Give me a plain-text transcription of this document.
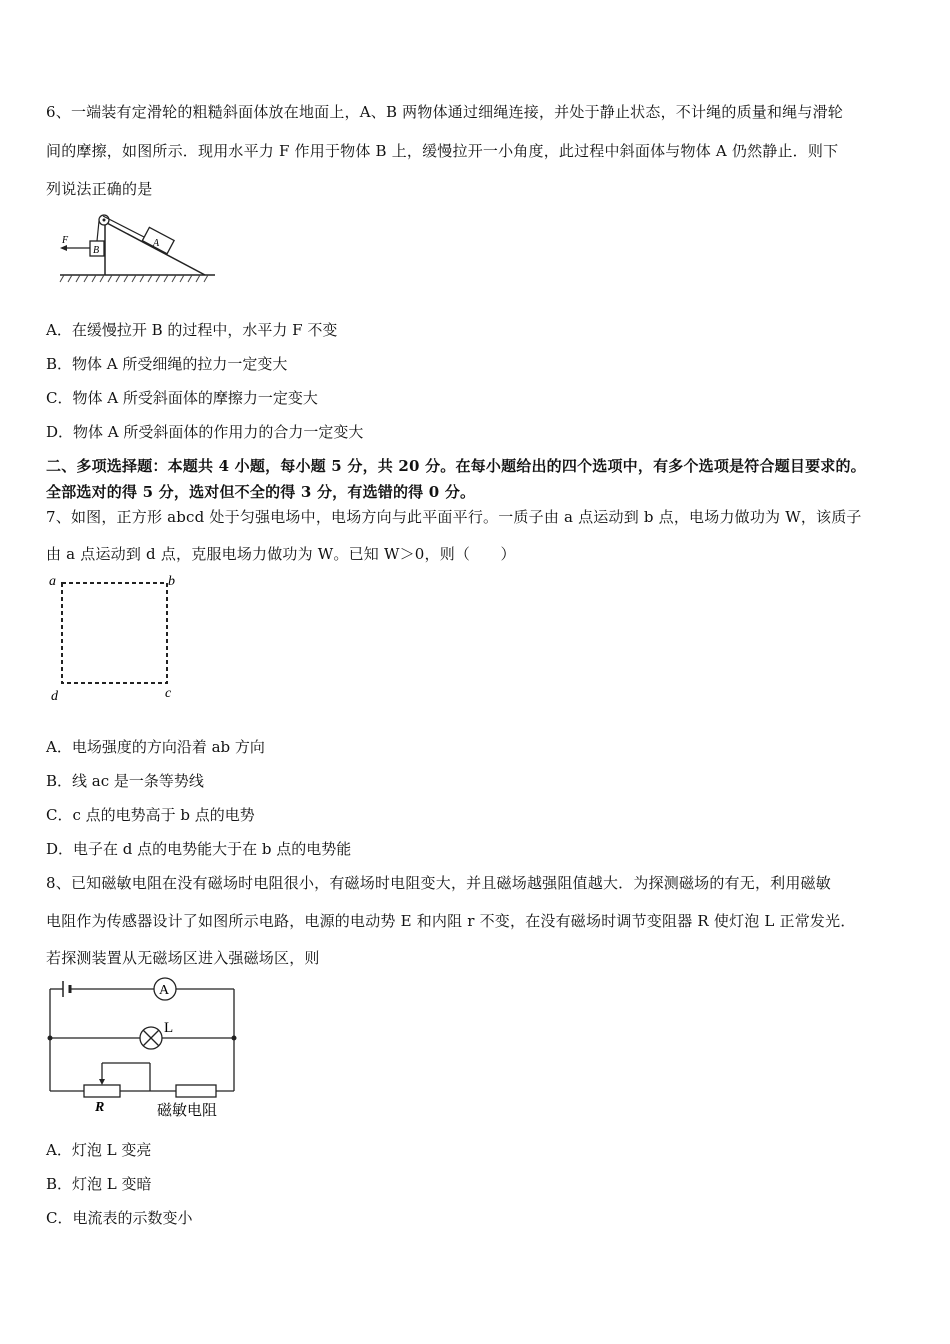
6、一端装有定滑轮的粗糙斜面体放在地面上，A、B 两物体通过细绳连接，并处于静止状态，不计绳的质量和绳与滑轮
间的摩擦，如图所示．现用水平力 F 作用于物体 B 上，缓慢拉开一小角度，此过程中斜面体与物体 A 仍然静止．则下
列说法正确的是
A
B
F
A．在缓慢拉开 B 的过程中，水平力 F 不变
B．物体 A 所受细绳的拉力一定变大
C．物体 A 所受斜面体的摩擦力一定变大
D．物体 A 所受斜面体的作用力的合力一定变大
二、多项选择题：本题共 4 小题，每小题 5 分，共 20 分。在每小题给出的四个选项中，有多个选项是符合题目要求的。
全部选对的得 5 分，选对但不全的得 3 分，有选错的得 0 分。
7、如图，正方形 abcd 处于匀强电场中，电场方向与此平面平行。一质子由 a 点运动到 b 点，电场力做功为 W，该质子
由 a 点运动到 d 点，克服电场力做功为 W。已知 W＞0，则（　　）
a	b
c
d
A．电场强度的方向沿着 ab 方向
B．线 ac 是一条等势线
C．c 点的电势高于 b 点的电势
D．电子在 d 点的电势能大于在 b 点的电势能
8、已知磁敏电阻在没有磁场时电阻很小，有磁场时电阻变大，并且磁场越强阻值越大．为探测磁场的有无，利用磁敏
电阻作为传感器设计了如图所示电路，电源的电动势 E 和内阻 r 不变，在没有磁场时调节变阻器 R 使灯泡 L 正常发光．
若探测装置从无磁场区进入强磁场区，则
A
L
R	磁敏电阻
A．灯泡 L 变亮
B．灯泡 L 变暗
C．电流表的示数变小
